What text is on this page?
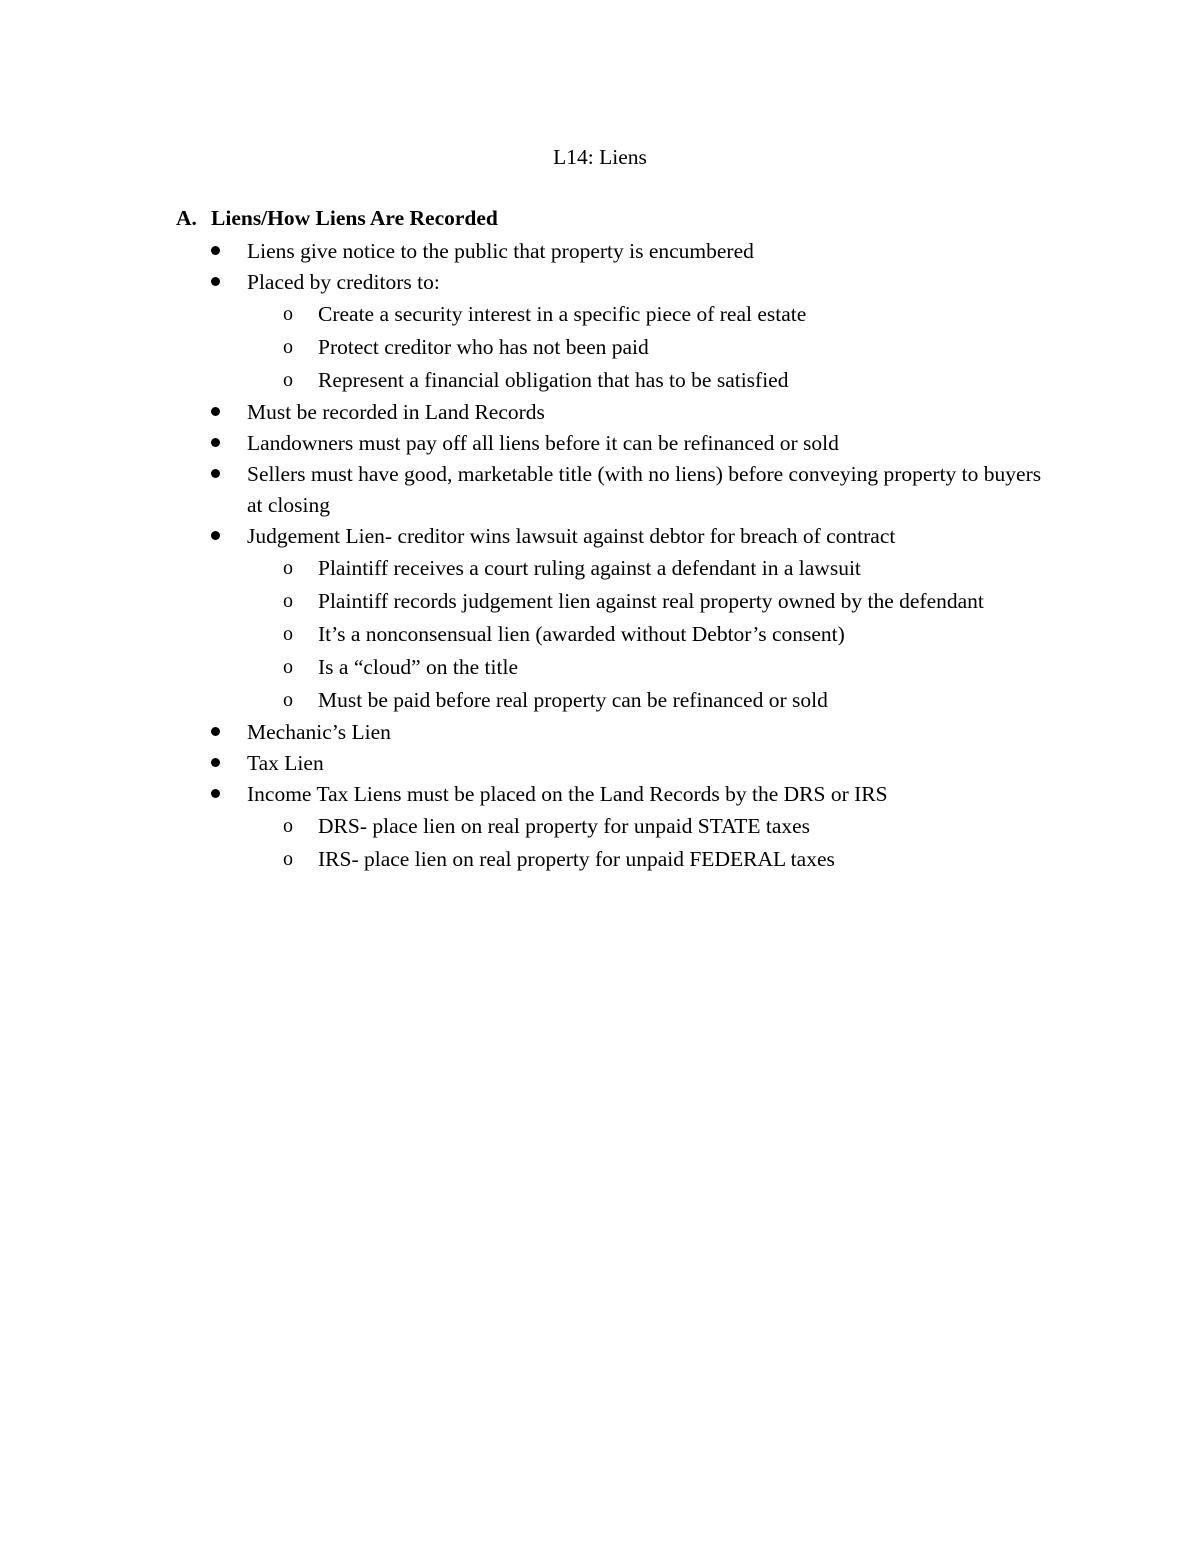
L14: Liens
A. Liens/How Liens Are Recorded
Liens give notice to the public that property is encumbered
Placed by creditors to:
o Create a security interest in a specific piece of real estate
o Protect creditor who has not been paid
o Represent a financial obligation that has to be satisfied
Must be recorded in Land Records
Landowners must pay off all liens before it can be refinanced or sold
Sellers must have good, marketable title (with no liens) before conveying property to buyers at closing
Judgement Lien- creditor wins lawsuit against debtor for breach of contract
o Plaintiff receives a court ruling against a defendant in a lawsuit
o Plaintiff records judgement lien against real property owned by the defendant
o It’s a nonconsensual lien (awarded without Debtor’s consent)
o Is a “cloud” on the title
o Must be paid before real property can be refinanced or sold
Mechanic’s Lien
Tax Lien
Income Tax Liens must be placed on the Land Records by the DRS or IRS
o DRS- place lien on real property for unpaid STATE taxes
o IRS- place lien on real property for unpaid FEDERAL taxes
